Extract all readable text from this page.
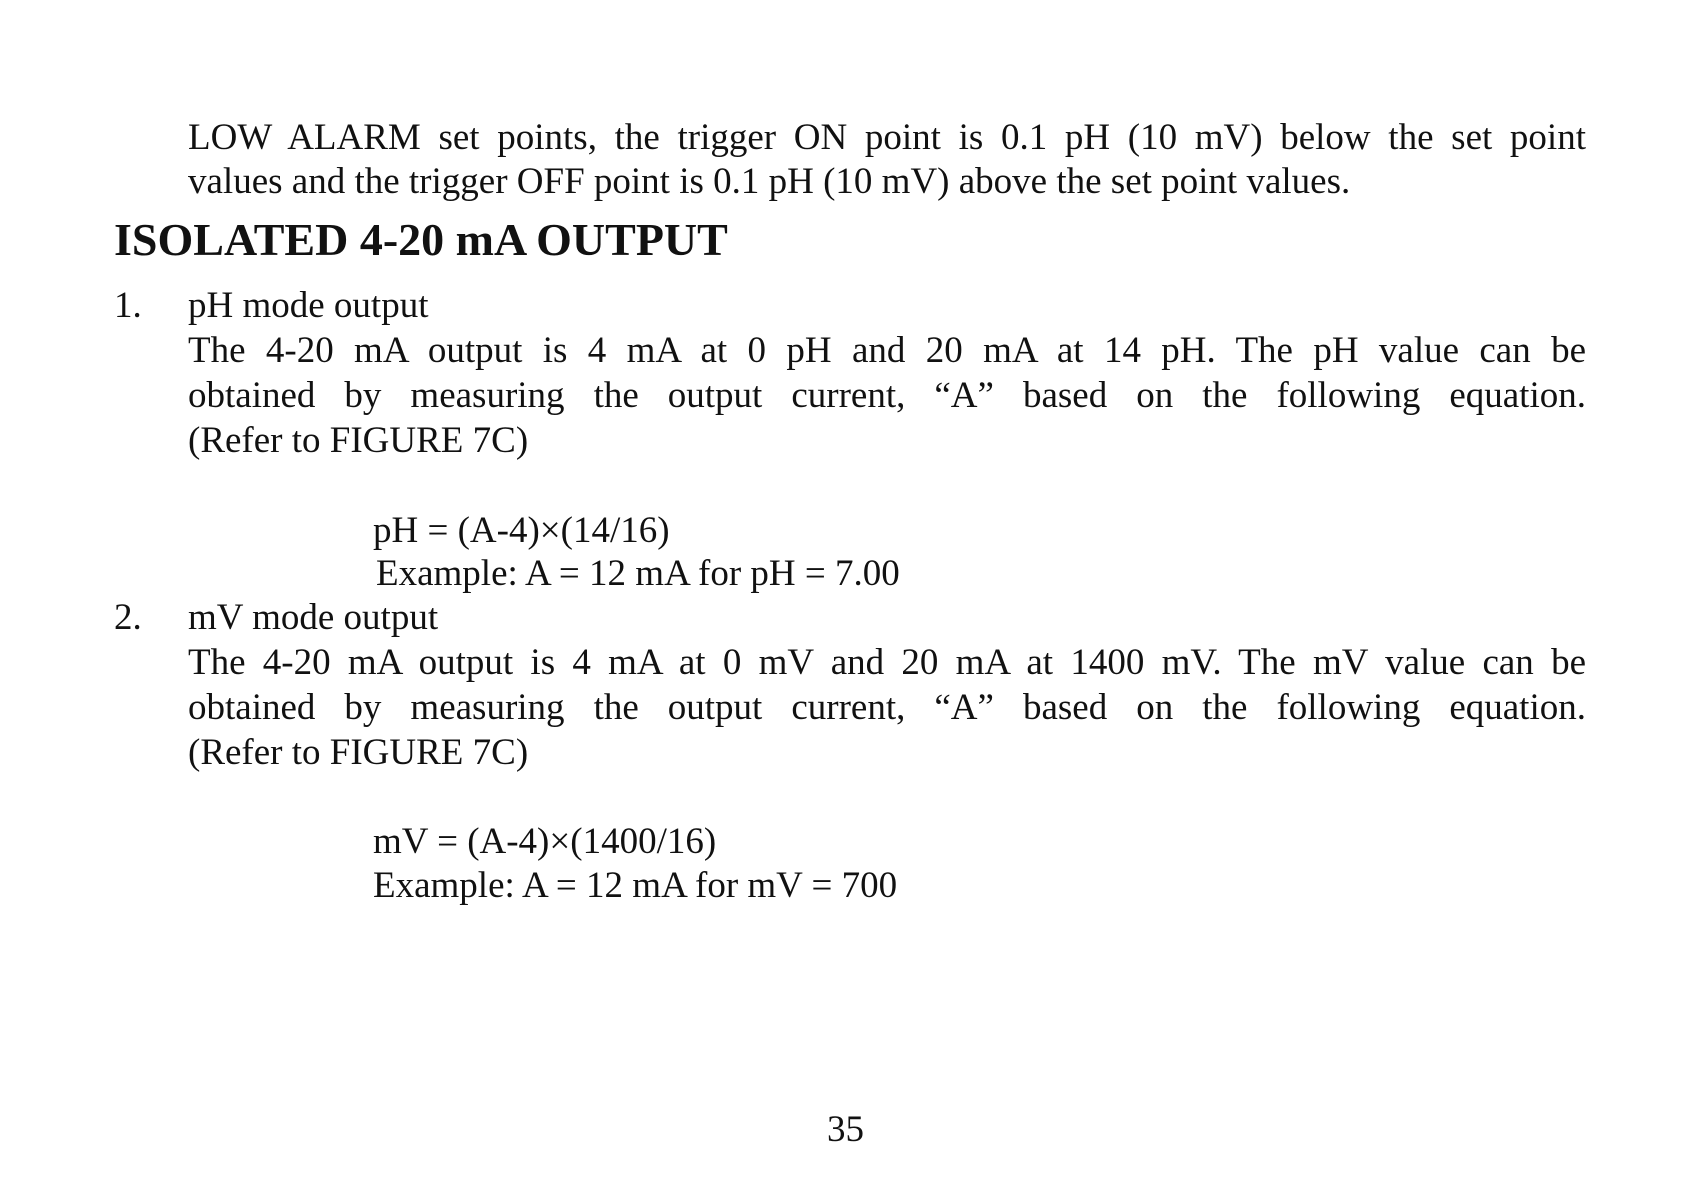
LOW ALARM set points, the trigger ON point is 0.1 pH (10 mV) below the set point
values and the trigger OFF point is 0.1 pH (10 mV) above the set point values.
ISOLATED 4-20 mA OUTPUT
1. pH mode output
The 4-20 mA output is 4 mA at 0 pH and 20 mA at 14 pH. The pH value can be
obtained by measuring the output current, “A” based on the following equation.
(Refer to FIGURE 7C)
pH = (A-4)×(14/16)
Example: A = 12 mA for pH = 7.00
2. mV mode output
The 4-20 mA output is 4 mA at 0 mV and 20 mA at 1400 mV. The mV value can be
obtained by measuring the output current, “A” based on the following equation.
(Refer to FIGURE 7C)
mV = (A-4)×(1400/16)
Example: A = 12 mA for mV = 700
35
